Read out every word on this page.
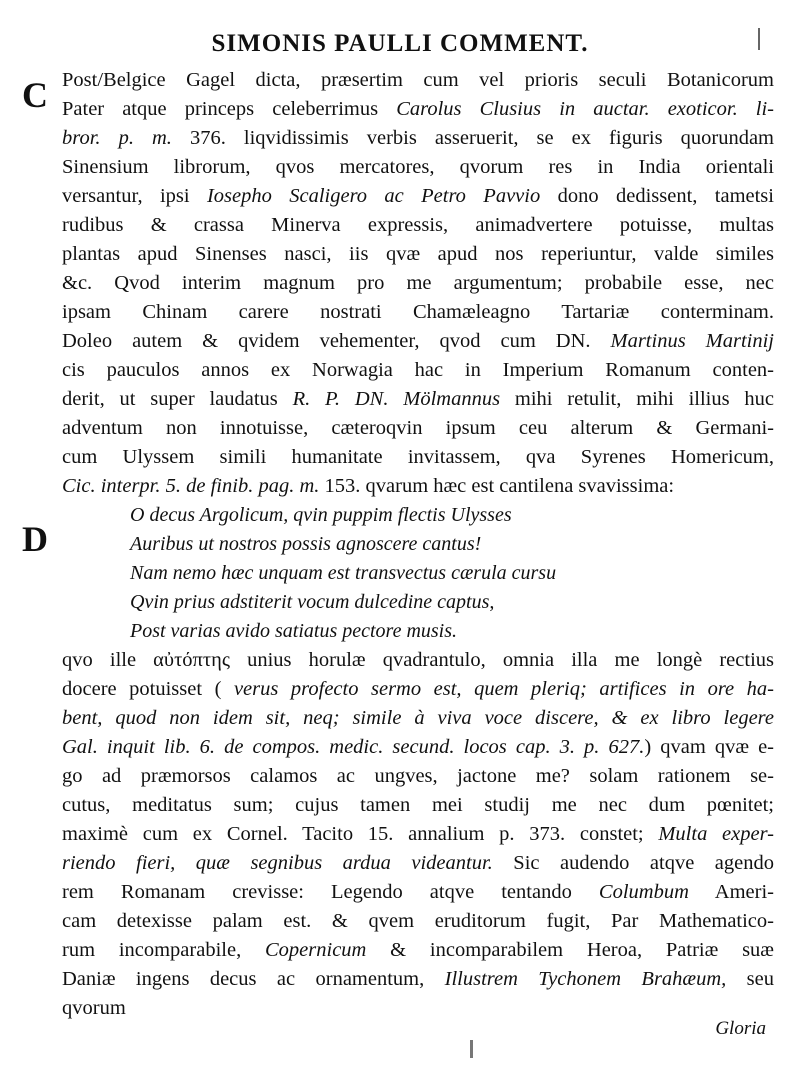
SIMONIS PAULLI COMMENT.
C
D
Post/Belgice Gagel dicta, præsertim cum vel prioris seculi Botanicorum
Pater atque princeps celeberrimus Carolus Clusius in auctar. exoticor. li-
bror. p. m. 376. liqvidissimis verbis asseruerit, se ex figuris quorundam
Sinensium librorum, qvos mercatores, qvorum res in India orientali
versantur, ipsi Iosepho Scaligero ac Petro Pavvio dono dedissent, tametsi
rudibus & crassa Minerva expressis, animadvertere potuisse, multas
plantas apud Sinenses nasci, iis qvæ apud nos reperiuntur, valde similes
&c. Qvod interim magnum pro me argumentum; probabile esse, nec
ipsam Chinam carere nostrati Chamæleagno Tartariæ conterminam.
Doleo autem & qvidem vehementer, qvod cum DN. Martinus Martinij
cis pauculos annos ex Norwagia hac in Imperium Romanum conten-
derit, ut super laudatus R. P. DN. Mölmannus mihi retulit, mihi illius huc
adventum non innotuisse, cæteroqvin ipsum ceu alterum & Germani-
cum Ulyssem simili humanitate invitassem, qva Syrenes Homericum,
Cic. interpr. 5. de finib. pag. m. 153. qvarum hæc est cantilena svavissima:
O decus Argolicum, qvin puppim flectis Ulysses
Auribus ut nostros possis agnoscere cantus!
Nam nemo hæc unquam est transvectus cærula cursu
Qvin prius adstiterit vocum dulcedine captus,
Post varias avido satiatus pectore musis.
qvo ille αὐτόπτης unius horulæ qvadrantulo, omnia illa me longè rectius
docere potuisset ( verus profecto sermo est, quem pleriq; artifices in ore ha-
bent, quod non idem sit, neq; simile à viva voce discere, & ex libro legere
Gal. inquit lib. 6. de compos. medic. secund. locos cap. 3. p. 627.) qvam qvæ e-
go ad præmorsos calamos ac ungves, jactone me? solam rationem se-
cutus, meditatus sum; cujus tamen mei studij me nec dum pœnitet;
maximè cum ex Cornel. Tacito 15. annalium p. 373. constet; Multa exper-
riendo fieri, quæ segnibus ardua videantur. Sic audendo atqve agendo
rem Romanam crevisse: Legendo atqve tentando Columbum Ameri-
cam detexisse palam est. & qvem eruditorum fugit, Par Mathematico-
rum incomparabile, Copernicum & incomparabilem Heroa, Patriæ suæ
Daniæ ingens decus ac ornamentum, Illustrem Tychonem Brahæum, seu
qvorum
Gloria
